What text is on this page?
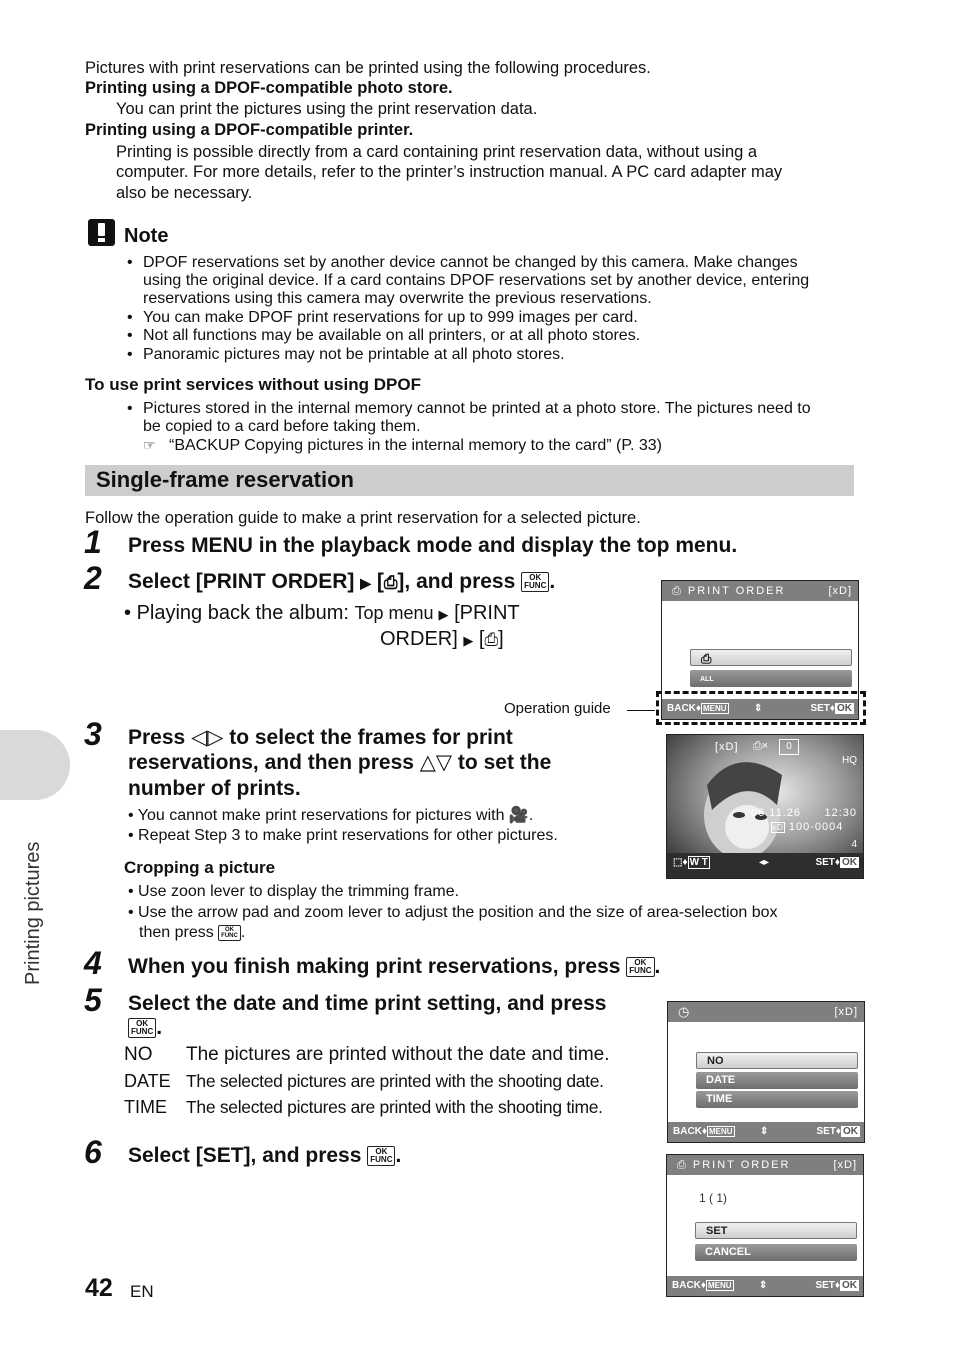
Printing pictures
Pictures with print reservations can be printed using the following procedures.
Printing using a DPOF-compatible photo store.
You can print the pictures using the print reservation data.
Printing using a DPOF-compatible printer.
Printing is possible directly from a card containing print reservation data, without using a
computer. For more details, refer to the printer’s instruction manual. A PC card adapter may
also be necessary.
Note
• DPOF reservations set by another device cannot be changed by this camera. Make changes
using the original device. If a card contains DPOF reservations set by another device, entering
reservations using this camera may overwrite the previous reservations.
• You can make DPOF print reservations for up to 999 images per card.
• Not all functions may be available on all printers, or at all photo stores.
• Panoramic pictures may not be printable at all photo stores.
To use print services without using DPOF
• Pictures stored in the internal memory cannot be printed at a photo store. The pictures need to
be copied to a card before taking them.
☞ “BACKUP Copying pictures in the internal memory to the card” (P. 33)
Single-frame reservation
Follow the operation guide to make a print reservation for a selected picture.
1 Press MENU in the playback mode and display the top menu.
2 Select [PRINT ORDER] ▶ [⎙], and press	OK
FUNC .
• Playing back the album: Top menu ▶ [PRINT
ORDER] ▶ [⎙]
⎙ PRINT ORDER	[xD]
⎙
ALL
BACK♦ MENU	⇕	SET♦ OK
Operation guide
3 Press ◁▷ to select the frames for print
reservations, and then press △▽ to set the
number of prints.
• You cannot make print reservations for pictures with 🎥.
• Repeat Step 3 to make print reservations for other pictures.
[xD] ⎙×	0
HQ
06.11.26 12:30
xD 100-0004
4
⬚♦ W T	◂▸	SET♦ OK
Cropping a picture
• Use zoon lever to display the trimming frame.
• Use the arrow pad and zoom lever to adjust the position and the size of area-selection box
then press	OK
FUNC .
4 When you finish making print reservations, press	OK
FUNC .
5 Select the date and time print setting, and press
OK
FUNC .
NO The pictures are printed without the date and time.
DATE The selected pictures are printed with the shooting date.
TIME The selected pictures are printed with the shooting time.
◷	[xD]
NO
DATE
TIME
BACK♦ MENU	⇕	SET♦ OK
6 Select [SET], and press	OK
FUNC .	⎙ PRINT ORDER	[xD]
1 ( 1)
SET
CANCEL
BACK♦ MENU	⇕	SET♦ OK
42 EN
